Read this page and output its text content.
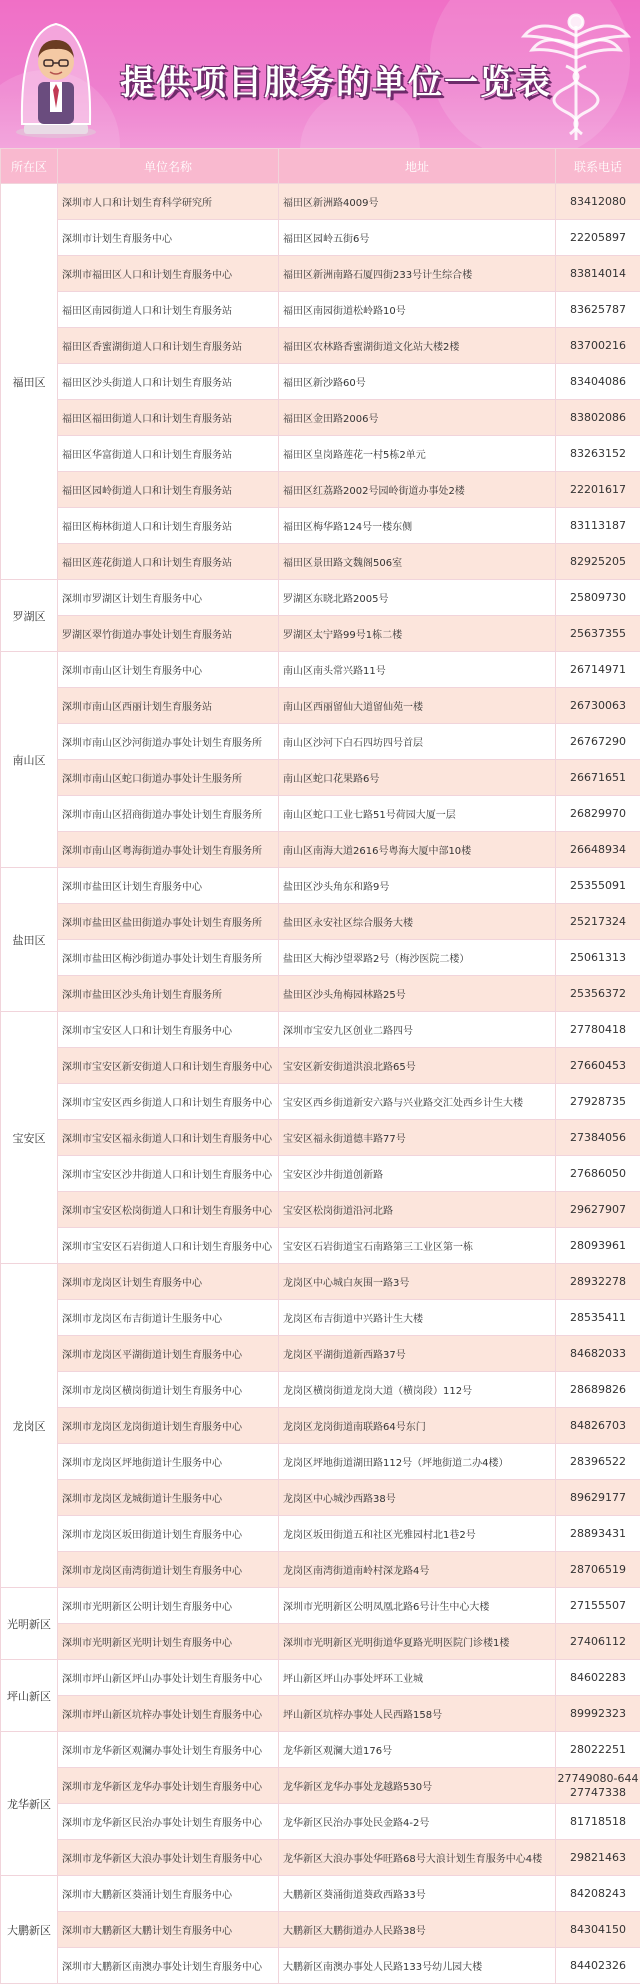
提供项目服务的单位一览表
所在区	单位名称	地址	联系电话
福田区	深圳市人口和计划生育科学研究所	福田区新洲路4009号	83412080
	深圳市计划生育服务中心	福田区园岭五街6号	22205897
	深圳市福田区人口和计划生育服务中心	福田区新洲南路石厦四街233号计生综合楼	83814014
	福田区南园街道人口和计划生育服务站	福田区南园街道松岭路10号	83625787
	福田区香蜜湖街道人口和计划生育服务站	福田区农林路香蜜湖街道文化站大楼2楼	83700216
	福田区沙头街道人口和计划生育服务站	福田区新沙路60号	83404086
	福田区福田街道人口和计划生育服务站	福田区金田路2006号	83802086
	福田区华富街道人口和计划生育服务站	福田区皇岗路莲花一村5栋2单元	83263152
	福田区园岭街道人口和计划生育服务站	福田区红荔路2002号园岭街道办事处2楼	22201617
	福田区梅林街道人口和计划生育服务站	福田区梅华路124号一楼东侧	83113187
	福田区莲花街道人口和计划生育服务站	福田区景田路文魏阁506室	82925205
罗湖区	深圳市罗湖区计划生育服务中心	罗湖区东晓北路2005号	25809730
	罗湖区翠竹街道办事处计划生育服务站	罗湖区太宁路99号1栋二楼	25637355
南山区	深圳市南山区计划生育服务中心	南山区南头常兴路11号	26714971
	深圳市南山区西丽计划生育服务站	南山区西丽留仙大道留仙苑一楼	26730063
	深圳市南山区沙河街道办事处计划生育服务所	南山区沙河下白石四坊四号首层	26767290
	深圳市南山区蛇口街道办事处计生服务所	南山区蛇口花果路6号	26671651
	深圳市南山区招商街道办事处计划生育服务所	南山区蛇口工业七路51号荷园大厦一层	26829970
	深圳市南山区粤海街道办事处计划生育服务所	南山区南海大道2616号粤海大厦中部10楼	26648934
盐田区	深圳市盐田区计划生育服务中心	盐田区沙头角东和路9号	25355091
	深圳市盐田区盐田街道办事处计划生育服务所	盐田区永安社区综合服务大楼	25217324
	深圳市盐田区梅沙街道办事处计划生育服务所	盐田区大梅沙望翠路2号（梅沙医院二楼）	25061313
	深圳市盐田区沙头角计划生育服务所	盐田区沙头角梅园林路25号	25356372
宝安区	深圳市宝安区人口和计划生育服务中心	深圳市宝安九区创业二路四号	27780418
	深圳市宝安区新安街道人口和计划生育服务中心	宝安区新安街道洪浪北路65号	27660453
	深圳市宝安区西乡街道人口和计划生育服务中心	宝安区西乡街道新安六路与兴业路交汇处西乡计生大楼	27928735
	深圳市宝安区福永街道人口和计划生育服务中心	宝安区福永街道德丰路77号	27384056
	深圳市宝安区沙井街道人口和计划生育服务中心	宝安区沙井街道创新路	27686050
	深圳市宝安区松岗街道人口和计划生育服务中心	宝安区松岗街道沿河北路	29627907
	深圳市宝安区石岩街道人口和计划生育服务中心	宝安区石岩街道宝石南路第三工业区第一栋	28093961
龙岗区	深圳市龙岗区计划生育服务中心	龙岗区中心城白灰围一路3号	28932278
	深圳市龙岗区布吉街道计生服务中心	龙岗区布吉街道中兴路计生大楼	28535411
	深圳市龙岗区平湖街道计划生育服务中心	龙岗区平湖街道新西路37号	84682033
	深圳市龙岗区横岗街道计划生育服务中心	龙岗区横岗街道龙岗大道（横岗段）112号	28689826
	深圳市龙岗区龙岗街道计划生育服务中心	龙岗区龙岗街道南联路64号东门	84826703
	深圳市龙岗区坪地街道计生服务中心	龙岗区坪地街道湖田路112号（坪地街道二办4楼）	28396522
	深圳市龙岗区龙城街道计生服务中心	龙岗区中心城沙西路38号	89629177
	深圳市龙岗区坂田街道计划生育服务中心	龙岗区坂田街道五和社区光雅园村北1巷2号	28893431
	深圳市龙岗区南湾街道计划生育服务中心	龙岗区南湾街道南岭村深龙路4号	28706519
光明新区	深圳市光明新区公明计划生育服务中心	深圳市光明新区公明凤凰北路6号计生中心大楼	27155507
	深圳市光明新区光明计划生育服务中心	深圳市光明新区光明街道华夏路光明医院门诊楼1楼	27406112
坪山新区	深圳市坪山新区坪山办事处计划生育服务中心	坪山新区坪山办事处坪环工业城	84602283
	深圳市坪山新区坑梓办事处计划生育服务中心	坪山新区坑梓办事处人民西路158号	89992323
龙华新区	深圳市龙华新区观澜办事处计划生育服务中心	龙华新区观澜大道176号	28022251
	深圳市龙华新区龙华办事处计划生育服务中心	龙华新区龙华办事处龙越路530号	27749080-644
27747338

	深圳市龙华新区民治办事处计划生育服务中心	龙华新区民治办事处民金路4-2号	81718518
	深圳市龙华新区大浪办事处计划生育服务中心	龙华新区大浪办事处华旺路68号大浪计划生育服务中心4楼	29821463
大鹏新区	深圳市大鹏新区葵涌计划生育服务中心	大鹏新区葵涌街道葵政西路33号	84208243
	深圳市大鹏新区大鹏计划生育服务中心	大鹏新区大鹏街道办人民路38号	84304150
	深圳市大鹏新区南澳办事处计划生育服务中心	大鹏新区南澳办事处人民路133号幼儿园大楼	84402326
